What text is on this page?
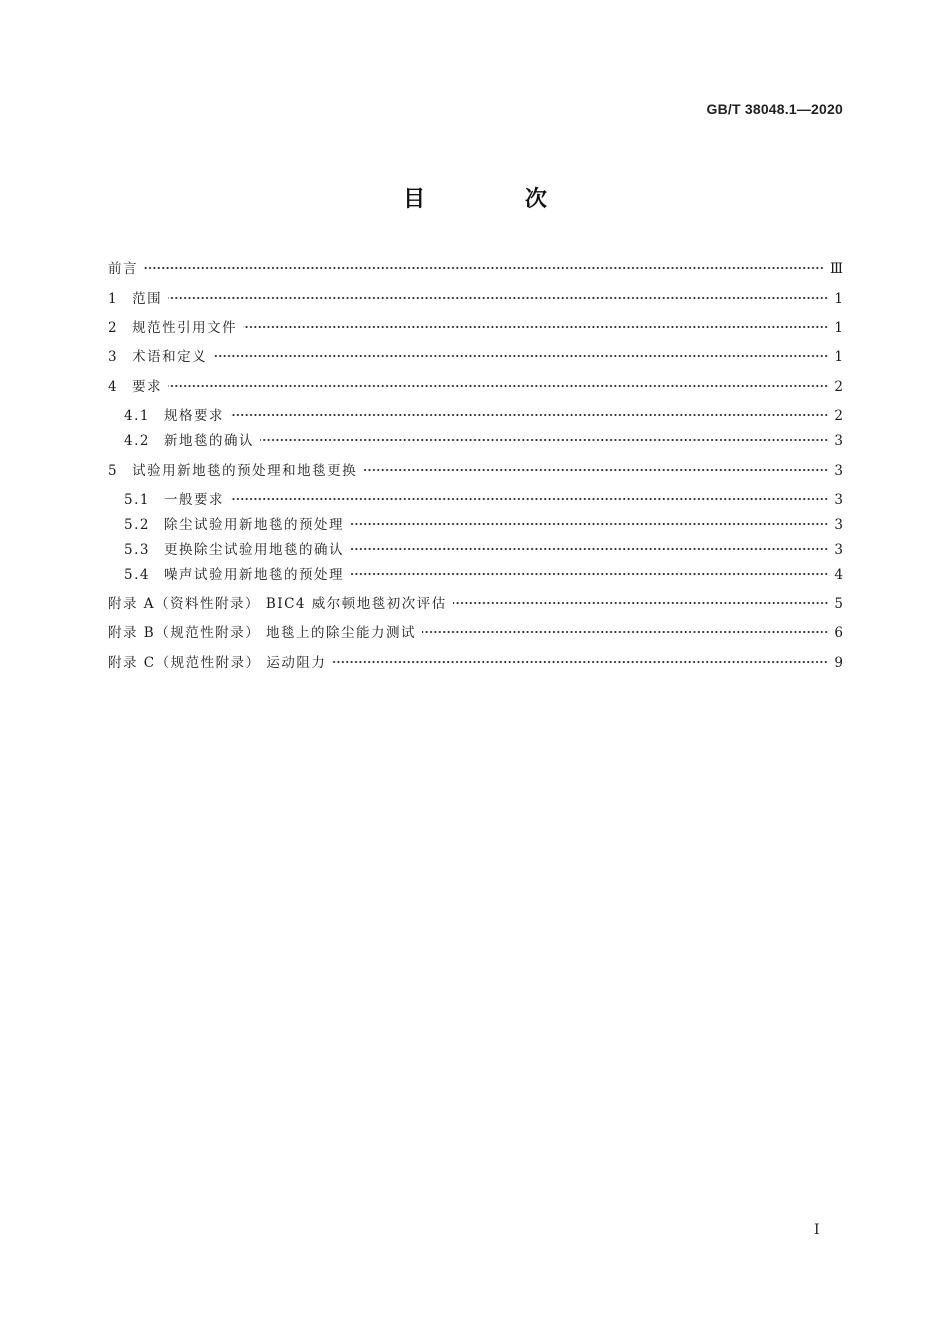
GB/T 38048.1—2020
目 次
前言	Ⅲ
1 范围	1
2 规范性引用文件	1
3 术语和定义	1
4 要求	2
4.1 规格要求	2
4.2 新地毯的确认	3
5 试验用新地毯的预处理和地毯更换	3
5.1 一般要求	3
5.2 除尘试验用新地毯的预处理	3
5.3 更换除尘试验用地毯的确认	3
5.4 噪声试验用新地毯的预处理	4
附录 A（资料性附录） BIC4 威尔顿地毯初次评估	5
附录 B（规范性附录） 地毯上的除尘能力测试	6
附录 C（规范性附录） 运动阻力	9
I
